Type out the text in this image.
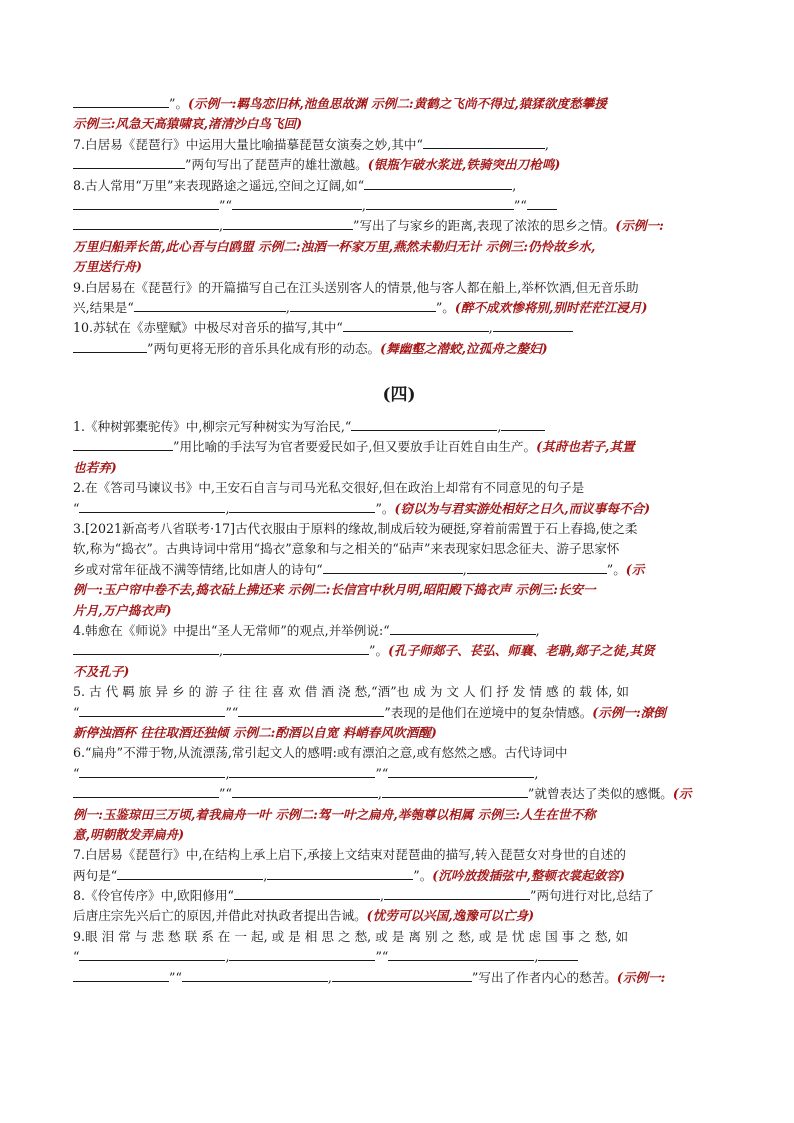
”。(示例一:羁鸟恋旧林,池鱼思故渊 示例二:黄鹤之飞尚不得过,猿猱欲度愁攀援
示例三:风急天高猿啸哀,渚清沙白鸟飞回)
7.白居易《琵琶行》中运用大量比喻描摹琵琶女演奏之妙,其中“	,
”两句写出了琵琶声的雄壮激越。(银瓶乍破水浆迸,铁骑突出刀枪鸣)
8.古人常用“万里”来表现路途之遥远,空间之辽阔,如“	,
”“	,	”“
,	”写出了与家乡的距离,表现了浓浓的思乡之情。(示例一:
万里归船弄长笛,此心吾与白鸥盟 示例二:浊酒一杯家万里,燕然未勒归无计 示例三:仍怜故乡水,
万里送行舟)
9.白居易在《琵琶行》的开篇描写自己在江头送别客人的情景,他与客人都在船上,举杯饮酒,但无音乐助
兴,结果是“	,	”。(醉不成欢惨将别,别时茫茫江浸月)
10.苏轼在《赤壁赋》中极尽对音乐的描写,其中“	,
”两句更将无形的音乐具化成有形的动态。(舞幽壑之潜蛟,泣孤舟之嫠妇)
(四)
1.《种树郭橐驼传》中,柳宗元写种树实为写治民,“	,
”用比喻的手法写为官者要爱民如子,但又要放手让百姓自由生产。(其莳也若子,其置
也若弃)
2.在《答司马谏议书》中,王安石自言与司马光私交很好,但在政治上却常有不同意见的句子是
“	,	”。(窃以为与君实游处相好之日久,而议事每不合)
3.[2021新高考八省联考·17]古代衣服由于原料的缘故,制成后较为硬挺,穿着前需置于石上舂捣,使之柔
软,称为“捣衣”。古典诗词中常用“捣衣”意象和与之相关的“砧声”来表现家妇思念征夫、游子思家怀
乡或对常年征战不满等情绪,比如唐人的诗句“	,	”。(示
例一:玉户帘中卷不去,捣衣砧上拂还来 示例二:长信宫中秋月明,昭阳殿下捣衣声 示例三:长安一
片月,万户捣衣声)
4.韩愈在《师说》中提出“圣人无常师”的观点,并举例说:“	,
,	”。(孔子师郯子、苌弘、师襄、老聃,郯子之徒,其贤
不及孔子)
5. 古 代 羁 旅 异 乡 的 游 子 往 往 喜 欢 借 酒 浇 愁,“酒”也 成 为 文 人 们 抒 发 情 感 的 载 体, 如
“	”“	”表现的是他们在逆境中的复杂情感。(示例一:潦倒
新停浊酒杯 往往取酒还独倾 示例二:酌酒以自宽 料峭春风吹酒醒)
6.“扁舟”不滞于物,从流漂荡,常引起文人的感喟:或有漂泊之意,或有悠然之感。古代诗词中
“	,	”“	,
”“	,	”就曾表达了类似的感慨。(示
例一:玉鉴琼田三万顷,着我扁舟一叶 示例二:驾一叶之扁舟,举匏尊以相属 示例三:人生在世不称
意,明朝散发弄扁舟)
7.白居易《琵琶行》中,在结构上承上启下,承接上文结束对琵琶曲的描写,转入琵琶女对身世的自述的
两句是“	,	”。(沉吟放拨插弦中,整顿衣裳起敛容)
8.《伶官传序》中,欧阳修用“	,	”两句进行对比,总结了
后唐庄宗先兴后亡的原因,并借此对执政者提出告诫。(忧劳可以兴国,逸豫可以亡身)
9.眼 泪 常 与 悲 愁 联 系 在 一 起, 或 是 相 思 之 愁, 或 是 离 别 之 愁, 或 是 忧 虑 国 事 之 愁, 如
“	,	”“	,
”“	,	”写出了作者内心的愁苦。(示例一:
